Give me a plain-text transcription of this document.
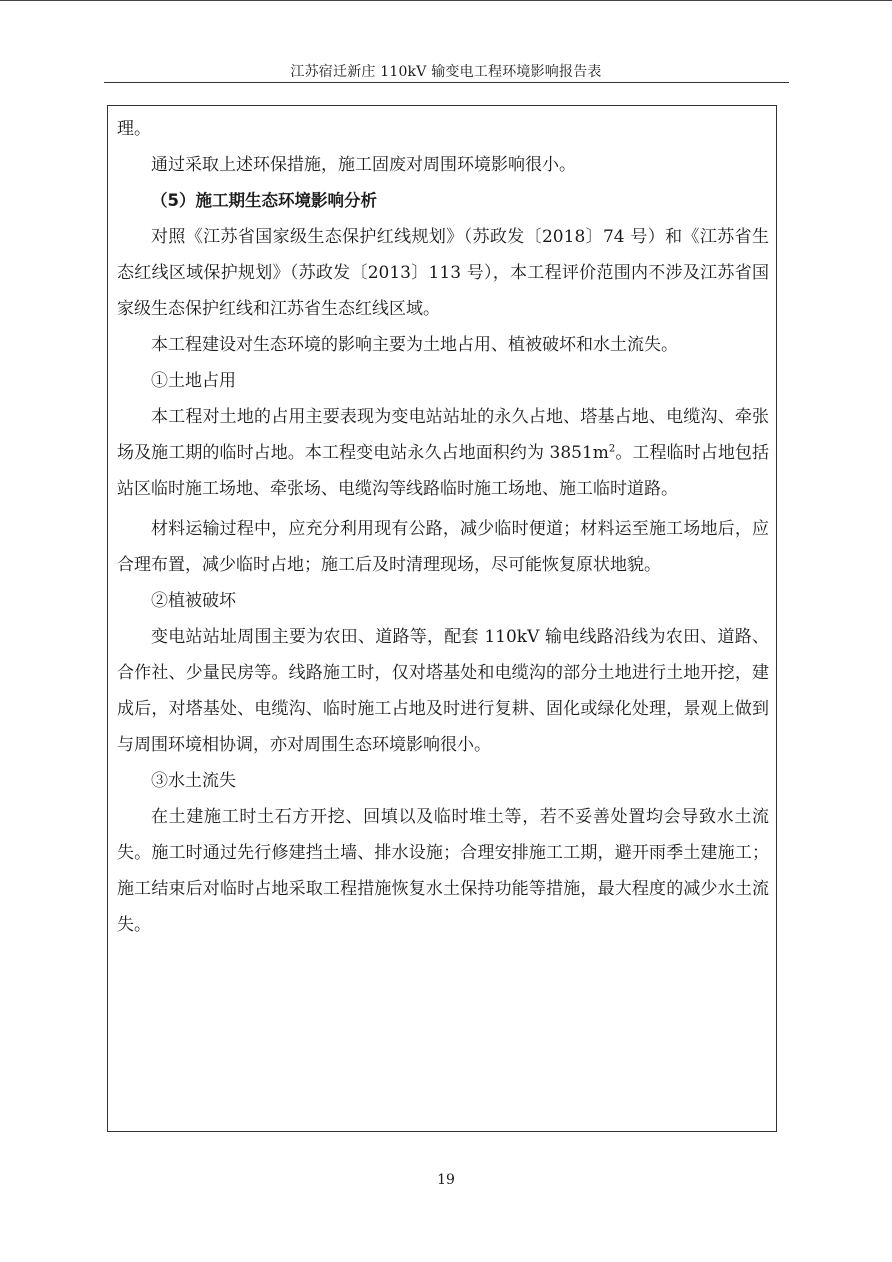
江苏宿迁新庄 110kV 输变电工程环境影响报告表

理。

通过采取上述环保措施，施工固废对周围环境影响很小。

（5）施工期生态环境影响分析

对照《江苏省国家级生态保护红线规划》（苏政发〔2018〕74 号）和《江苏省生态红线区域保护规划》（苏政发〔2013〕113 号），本工程评价范围内不涉及江苏省国家级生态保护红线和江苏省生态红线区域。

本工程建设对生态环境的影响主要为土地占用、植被破坏和水土流失。

①土地占用

本工程对土地的占用主要表现为变电站站址的永久占地、塔基占地、电缆沟、牵张场及施工期的临时占地。本工程变电站永久占地面积约为 $3851m^2$。工程临时占地包括站区临时施工场地、牵张场、电缆沟等线路临时施工场地、施工临时道路。

材料运输过程中，应充分利用现有公路，减少临时便道；材料运至施工场地后，应合理布置，减少临时占地；施工后及时清理现场，尽可能恢复原状地貌。

②植被破坏

变电站站址周围主要为农田、道路等，配套 110kV 输电线路沿线为农田、道路、合作社、少量民房等。线路施工时，仅对塔基处和电缆沟的部分土地进行土地开挖，建成后，对塔基处、电缆沟、临时施工占地及时进行复耕、固化或绿化处理，景观上做到与周围环境相协调，亦对周围生态环境影响很小。

③水土流失

在土建施工时土石方开挖、回填以及临时堆土等，若不妥善处置均会导致水土流失。施工时通过先行修建挡土墙、排水设施；合理安排施工工期，避开雨季土建施工；施工结束后对临时占地采取工程措施恢复水土保持功能等措施，最大程度的减少水土流失。

19
